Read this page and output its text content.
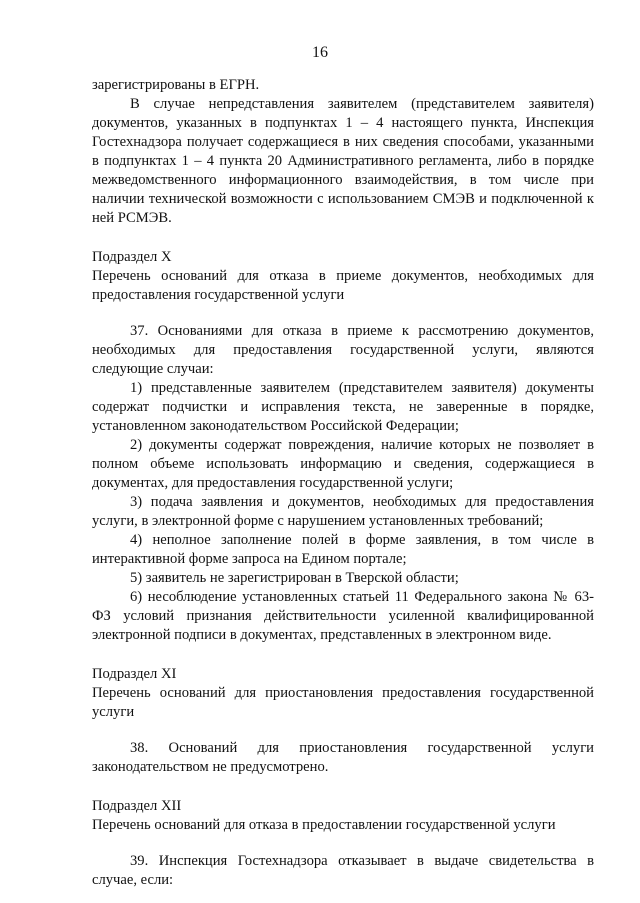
16

зарегистрированы в ЕГРН.

В случае непредставления заявителем (представителем заявителя) документов, указанных в подпунктах 1 – 4 настоящего пункта, Инспекция Гостехнадзора получает содержащиеся в них сведения способами, указанными в подпунктах 1 – 4 пункта 20 Административного регламента, либо в порядке межведомственного информационного взаимодействия, в том числе при наличии технической возможности с использованием СМЭВ и подключенной к ней РСМЭВ.

Подраздел X

Перечень оснований для отказа в приеме документов, необходимых для предоставления государственной услуги

37. Основаниями для отказа в приеме к рассмотрению документов, необходимых для предоставления государственной услуги, являются следующие случаи:

1) представленные заявителем (представителем заявителя) документы содержат подчистки и исправления текста, не заверенные в порядке, установленном законодательством Российской Федерации;

2) документы содержат повреждения, наличие которых не позволяет в полном объеме использовать информацию и сведения, содержащиеся в документах, для предоставления государственной услуги;

3) подача заявления и документов, необходимых для предоставления услуги, в электронной форме с нарушением установленных требований;

4) неполное заполнение полей в форме заявления, в том числе в интерактивной форме запроса на Едином портале;

5) заявитель не зарегистрирован в Тверской области;

6) несоблюдение установленных статьей 11 Федерального закона № 63-ФЗ условий признания действительности усиленной квалифицированной электронной подписи в документах, представленных в электронном виде.

Подраздел XI

Перечень оснований для приостановления предоставления государственной услуги

38. Оснований для приостановления государственной услуги законодательством не предусмотрено.

Подраздел XII

Перечень оснований для отказа в предоставлении государственной услуги

39. Инспекция Гостехнадзора отказывает в выдаче свидетельства в случае, если:
